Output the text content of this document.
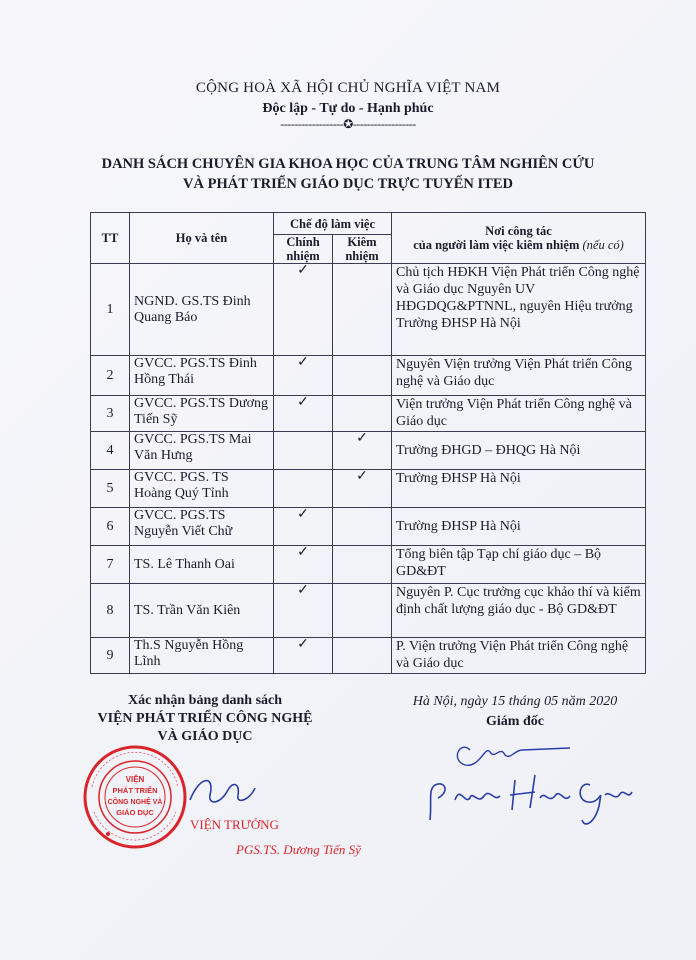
CỘNG HOÀ XÃ HỘI CHỦ NGHĨA VIỆT NAM
Độc lập - Tự do - Hạnh phúc
------------------✪------------------
DANH SÁCH CHUYÊN GIA KHOA HỌC CỦA TRUNG TÂM NGHIÊN CỨU
VÀ PHÁT TRIỂN GIÁO DỤC TRỰC TUYẾN ITED
TT	Họ và tên	Chế độ làm việc		Nơi công tác
của người làm việc kiêm nhiệm (nếu có)

		Chính nhiệm	Kiêm nhiệm	
1	NGND. GS.TS Đinh Quang Báo	✓		Chủ tịch HĐKH Viện Phát triển Công nghệ và Giáo dục Nguyên UV HĐGDQG&PTNNL, nguyên Hiệu trưởng Trường ĐHSP Hà Nội
2	GVCC. PGS.TS Đinh Hồng Thái	✓		Nguyên Viện trưởng Viện Phát triển Công nghệ và Giáo dục
3	GVCC. PGS.TS Dương Tiến Sỹ	✓		Viện trưởng Viện Phát triển Công nghệ và Giáo dục
4	GVCC. PGS.TS Mai Văn Hưng		✓	Trường ĐHGD – ĐHQG Hà Nội
5	GVCC. PGS. TS Hoàng Quý Tỉnh		✓	Trường ĐHSP Hà Nội
6	GVCC. PGS.TS Nguyễn Viết Chữ	✓		Trường ĐHSP Hà Nội
7	TS. Lê Thanh Oai	✓		Tổng biên tập Tạp chí giáo dục – Bộ GD&ĐT
8	TS. Trần Văn Kiên	✓		Nguyên P. Cục trưởng cục khảo thí và kiểm định chất lượng giáo dục - Bộ GD&ĐT
9	Th.S Nguyễn Hồng Lĩnh	✓		P. Viện trưởng Viện Phát triển Công nghệ và Giáo dục
Xác nhận bảng danh sách
VIỆN PHÁT TRIỂN CÔNG NGHỆ
VÀ GIÁO DỤC
VIỆN
PHÁT TRIỂN
CÔNG NGHỆ VÀ
GIÁO DỤC
VIỆN TRƯỞNG
PGS.TS. Dương Tiến Sỹ
Hà Nội, ngày 15 tháng 05 năm 2020
Giám đốc
